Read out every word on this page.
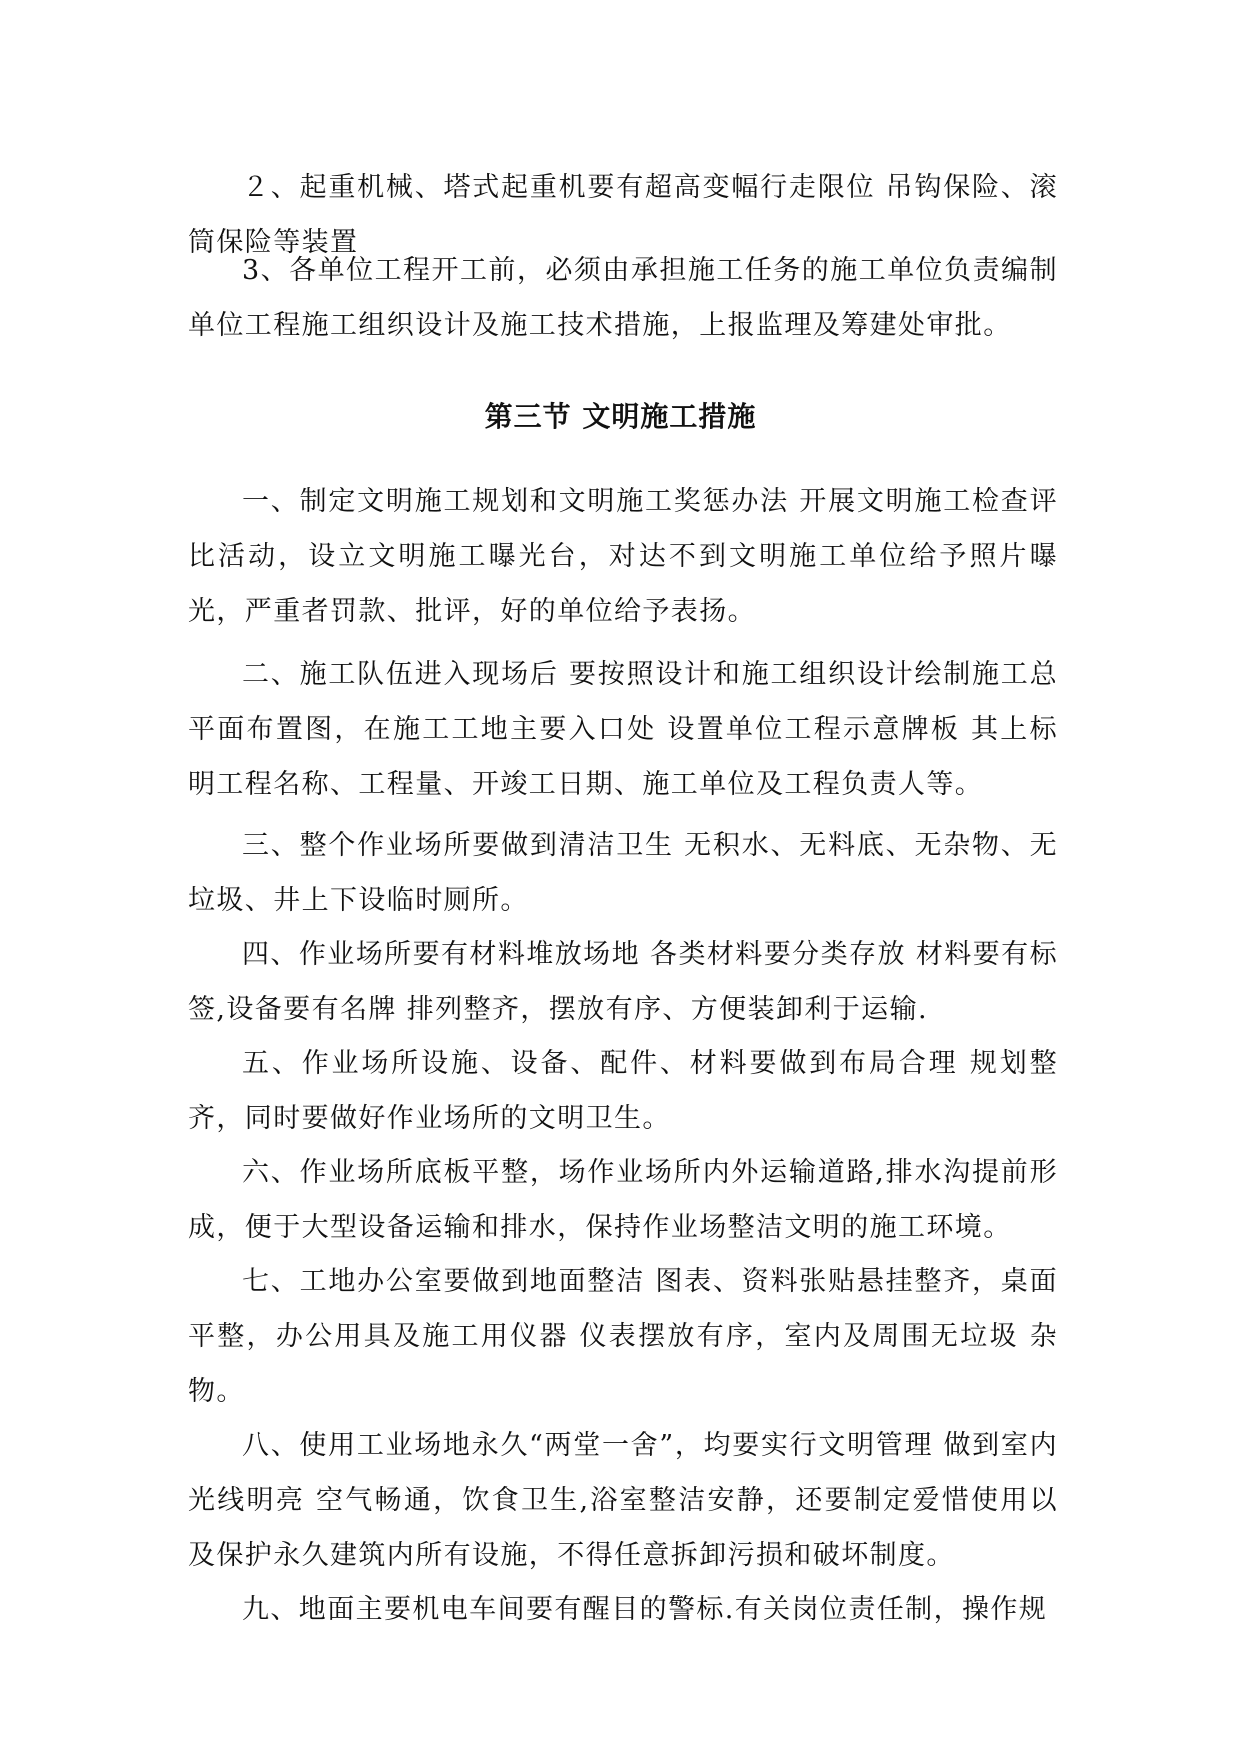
２、起重机械、塔式起重机要有超高变幅行走限位 吊钩保险、滚筒保险等装置

3、各单位工程开工前，必须由承担施工任务的施工单位负责编制单位工程施工组织设计及施工技术措施，上报监理及筹建处审批。

第三节 文明施工措施

一、制定文明施工规划和文明施工奖惩办法 开展文明施工检查评比活动，设立文明施工曝光台，对达不到文明施工单位给予照片曝光，严重者罚款、批评，好的单位给予表扬。

二、施工队伍进入现场后 要按照设计和施工组织设计绘制施工总平面布置图，在施工工地主要入口处 设置单位工程示意牌板 其上标明工程名称、工程量、开竣工日期、施工单位及工程负责人等。

三、整个作业场所要做到清洁卫生 无积水、无料底、无杂物、无垃圾、井上下设临时厕所。

四、作业场所要有材料堆放场地 各类材料要分类存放 材料要有标签,设备要有名牌 排列整齐，摆放有序、方便装卸利于运输.

五、作业场所设施、设备、配件、材料要做到布局合理 规划整齐，同时要做好作业场所的文明卫生。

六、作业场所底板平整，场作业场所内外运输道路,排水沟提前形成，便于大型设备运输和排水，保持作业场整洁文明的施工环境。

七、工地办公室要做到地面整洁 图表、资料张贴悬挂整齐，桌面平整，办公用具及施工用仪器 仪表摆放有序，室内及周围无垃圾 杂物。

八、使用工业场地永久“两堂一舍”，均要实行文明管理 做到室内光线明亮 空气畅通，饮食卫生,浴室整洁安静，还要制定爱惜使用以及保护永久建筑内所有设施，不得任意拆卸污损和破坏制度。

九、地面主要机电车间要有醒目的警标.有关岗位责任制，操作规
